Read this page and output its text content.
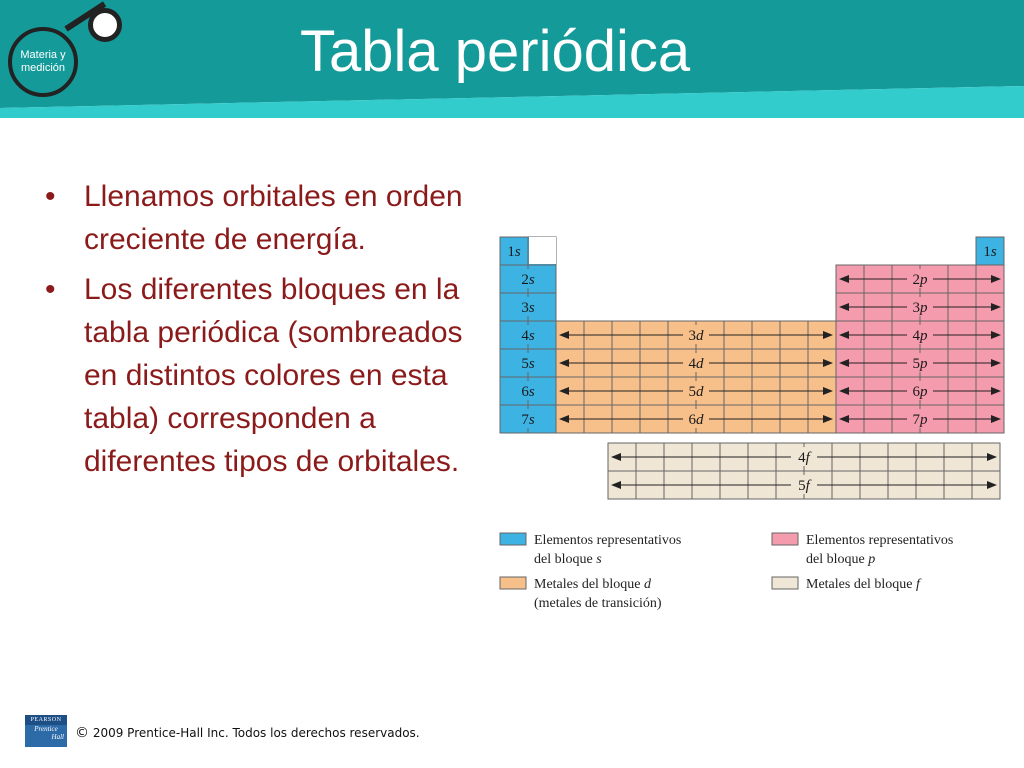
Materia y
medición	Tabla periódica
• Llenamos orbitales en orden creciente de energía.
• Los diferentes bloques en la tabla periódica (sombreados en distintos colores en esta tabla) corresponden a diferentes tipos de orbitales.
2s
3s
4s
5s
6s
7s
1s	1s
2p
3p
4p
5p
6p
7p
3d
4d
5d
6d
4f
5f
Elementos representativos
del bloque s
Elementos representativos
del bloque p
Metales del bloque d
(metales de transición)
Metales del bloque f
PEARSON
Prentice
Hall © 2009 Prentice-Hall Inc. Todos los derechos reservados.
